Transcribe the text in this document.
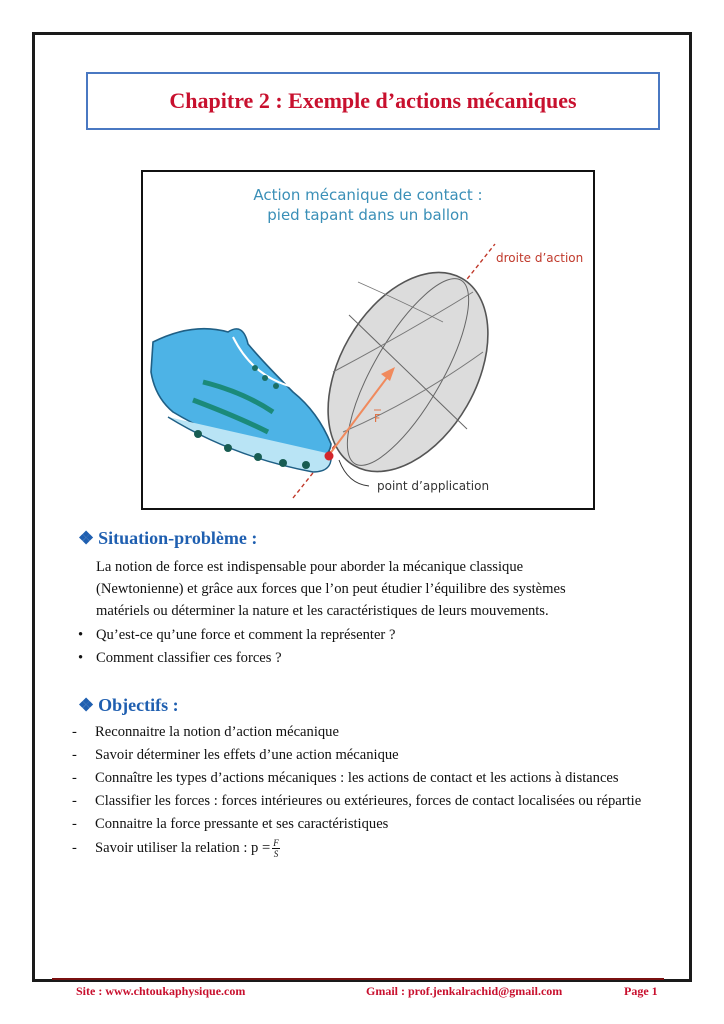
Chapitre 2 : Exemple d’actions mécaniques
Action mécanique de contact :
pied tapant dans un ballon
droite d’action
F
point d’application
❖ Situation-problème :

La notion de force est indispensable pour aborder la mécanique classique
(Newtonienne) et grâce aux forces que l’on peut étudier l’équilibre des systèmes
matériels ou déterminer la nature et les caractéristiques de leurs mouvements.

• Qu’est-ce qu’une force et comment la représenter ?
• Comment classifier ces forces ?
❖ Objectifs :
-	Reconnaitre la notion d’action mécanique
-	Savoir déterminer les effets d’une action mécanique
-	Connaître les types d’actions mécaniques : les actions de contact et les actions à distances
-	Classifier les forces : forces intérieures ou extérieures, forces de contact localisées ou répartie
-	Connaitre la force pressante et ses caractéristiques
-	Savoir utiliser la relation : $p = \frac{F}{S}$
Site : www.chtoukaphysique.com	Gmail : prof.jenkalrachid@gmail.com	Page 1
